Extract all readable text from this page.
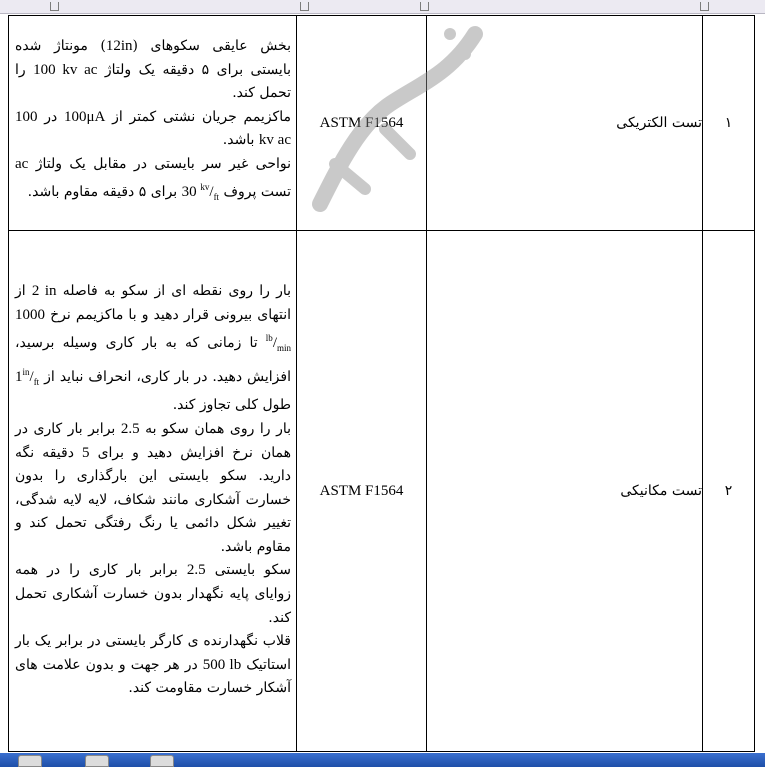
بخش عایقی سکوهای (12in) مونتاژ شده بایستی برای ۵ دقیقه یک ولتاژ 100 kv ac را تحمل کند.

ماکزیمم جریان نشتی کمتر از 100μA در 100 kv ac باشد.

نواحی غیر سر بایستی در مقابل یک ولتاژ ac تست پروف 30 $^{kv}/_{ft}$ برای ۵ دقیقه مقاوم باشد.	ASTM F1564	تست الکتریکی	۱

بار را روی نقطه ای از سکو به فاصله 2 in از انتهای بیرونی قرار دهید و با ماکزیمم نرخ 1000 $^{lb}/_{min}$ تا زمانی که به بار کاری وسیله برسید، افزایش دهید. در بار کاری، انحراف نباید از $1^{in}/_{ft}$ طول کلی تجاوز کند.

بار را روی همان سکو به 2.5 برابر بار کاری در همان نرخ افزایش دهید و برای 5 دقیقه نگه دارید. سکو بایستی این بارگذاری را بدون خسارت آشکاری مانند شکاف، لایه لایه شدگی، تغییر شکل دائمی یا رنگ رفتگی تحمل کند و مقاوم باشد.

سکو بایستی 2.5 برابر بار کاری را در همه زوایای پایه نگهدار بدون خسارت آشکاری تحمل کند.

قلاب نگهدارنده ی کارگر بایستی در برابر یک بار استاتیک 500 lb در هر جهت و بدون علامت های آشکار خسارت مقاومت کند.	ASTM F1564	تست مکانیکی	۲
